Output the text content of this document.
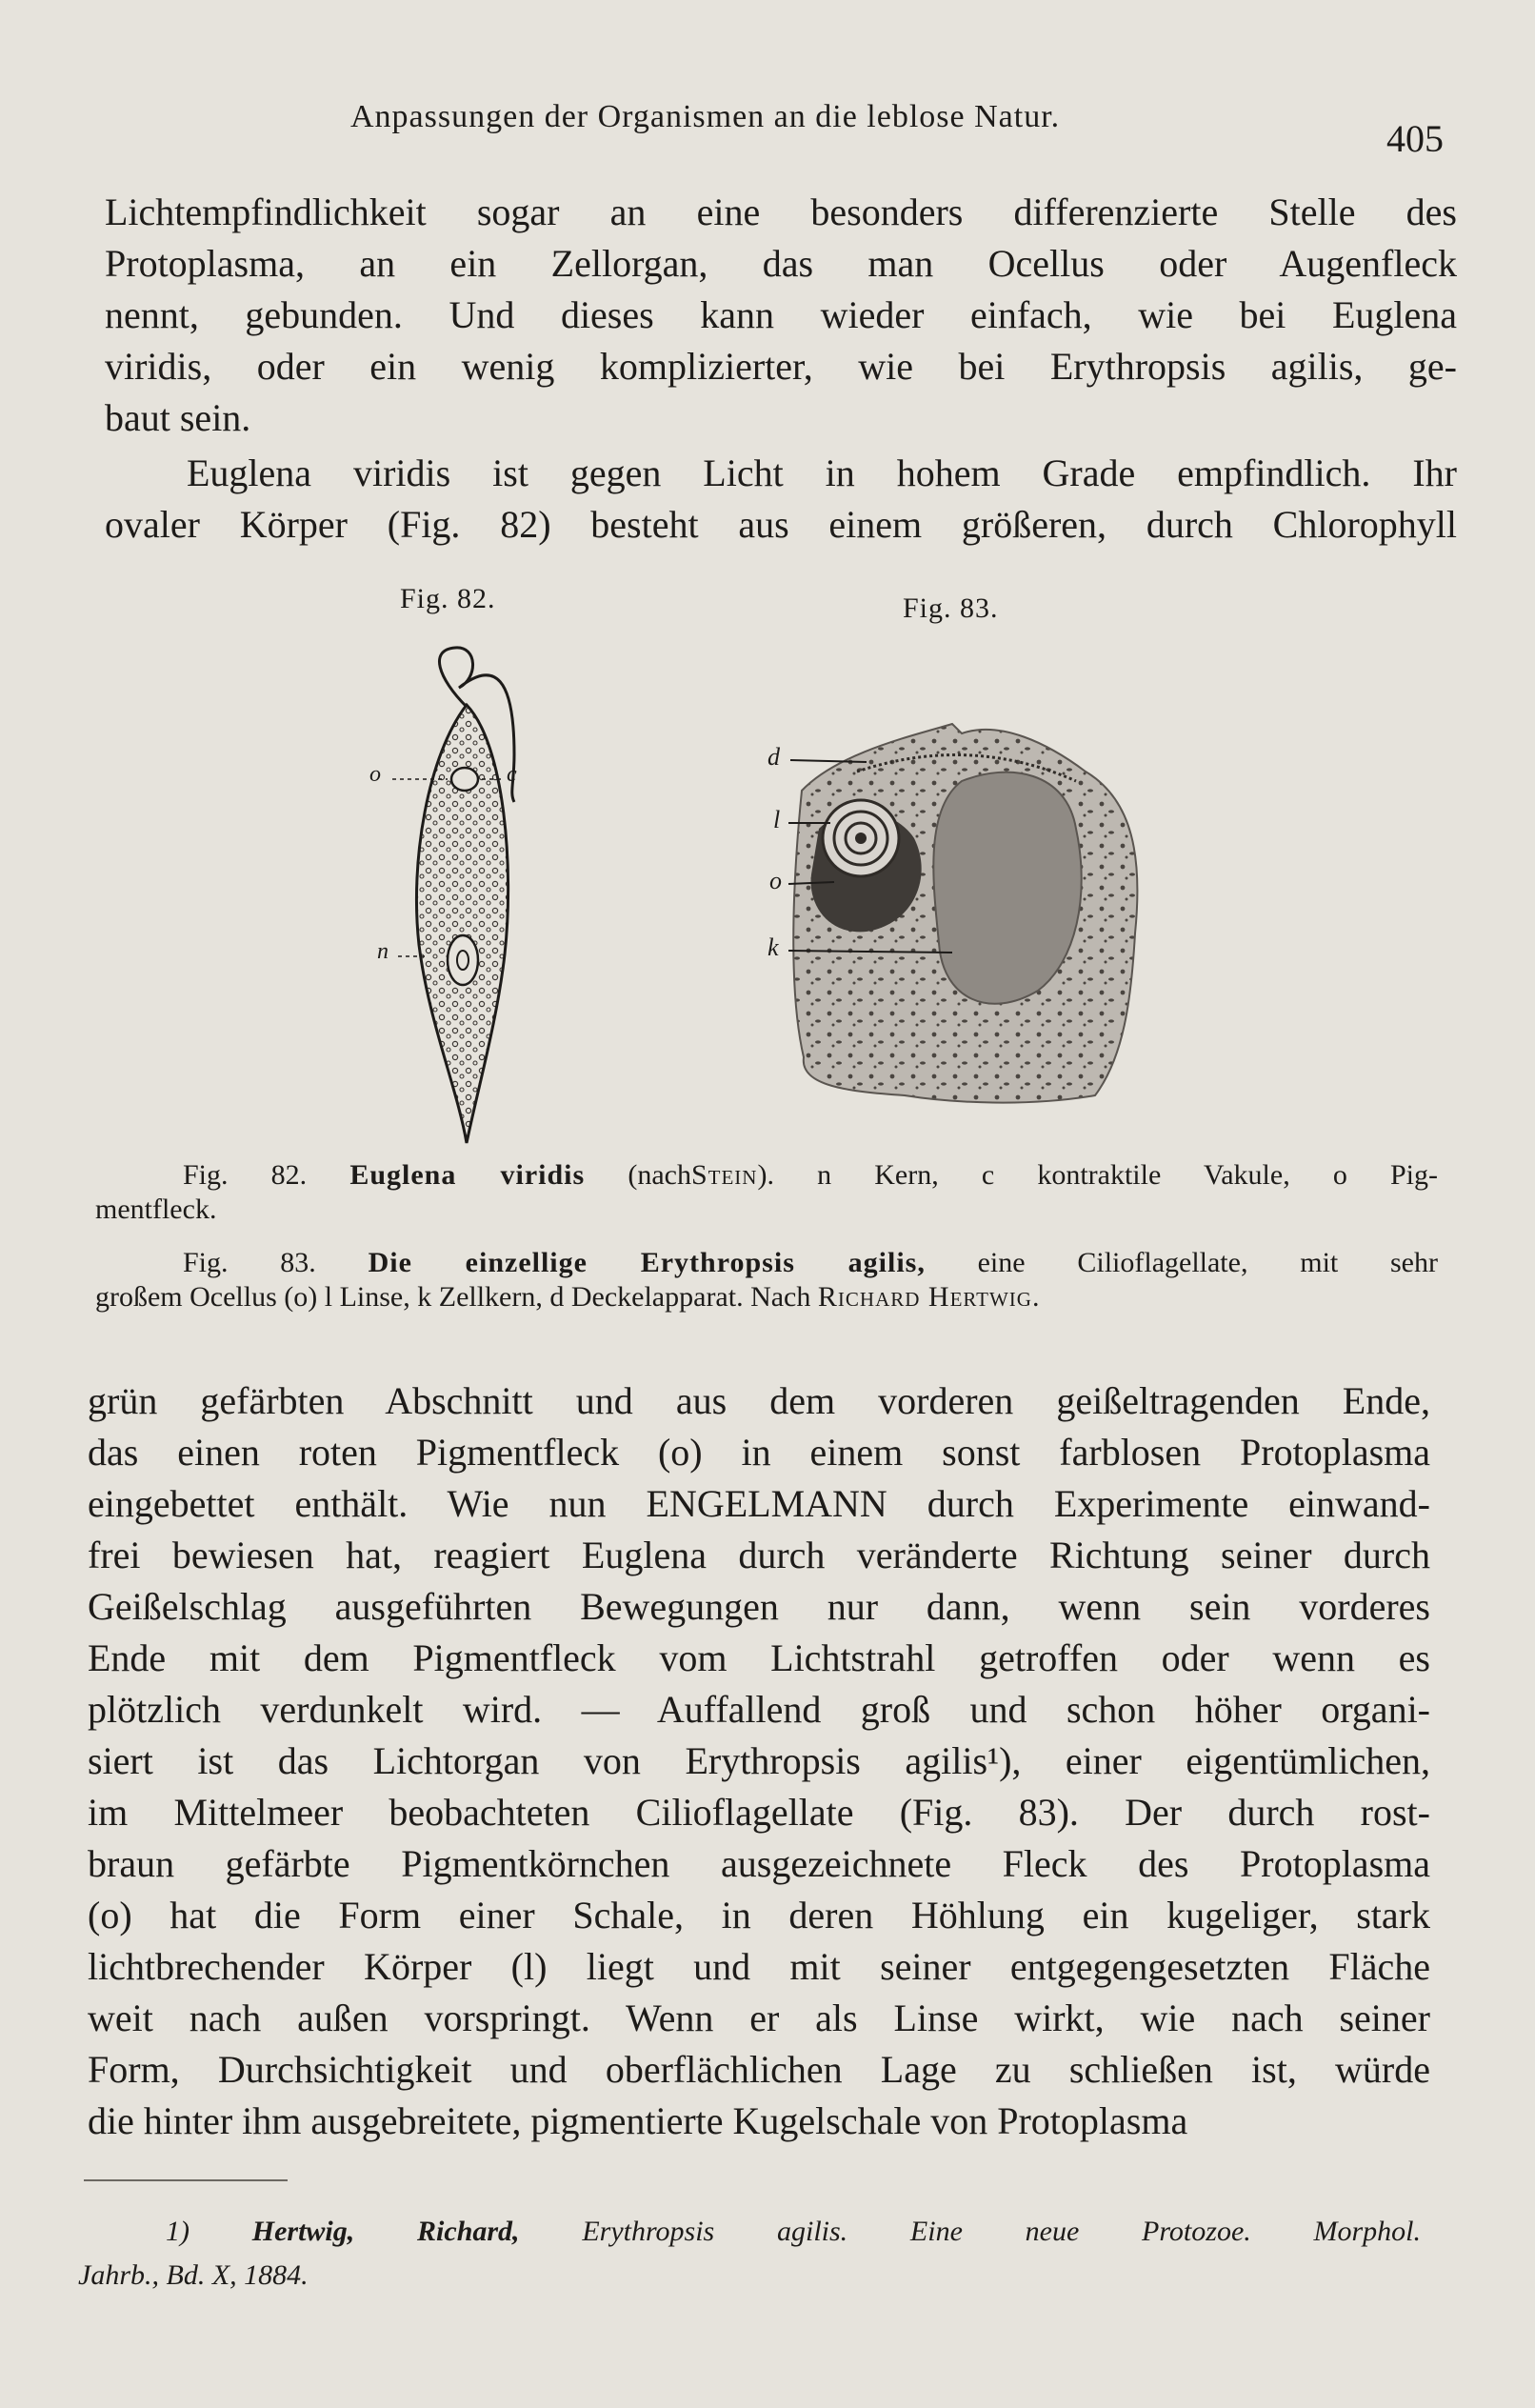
Anpassungen der Organismen an die leblose Natur.
405

Lichtempfindlichkeit sogar an eine besonders differenzierte Stelle des
Protoplasma, an ein Zellorgan, das man Ocellus oder Augenfleck
nennt, gebunden. Und dieses kann wieder einfach, wie bei Euglena
viridis, oder ein wenig komplizierter, wie bei Erythropsis agilis, ge-
baut sein.

Euglena viridis ist gegen Licht in hohem Grade empfindlich. Ihr
ovaler Körper (Fig. 82) besteht aus einem größeren, durch Chlorophyll

Fig. 82.	Fig. 83.
o	c
n
d
l
o
k

Fig. 82. Euglena viridis (nachStein). n Kern, c kontraktile Vakule, o Pig-
mentfleck.

Fig. 83. Die einzellige Erythropsis agilis, eine Cilioflagellate, mit sehr
großem Ocellus (o) l Linse, k Zellkern, d Deckelapparat. Nach Richard Hertwig.

grün gefärbten Abschnitt und aus dem vorderen geißeltragenden Ende,
das einen roten Pigmentfleck (o) in einem sonst farblosen Protoplasma
eingebettet enthält. Wie nun ENGELMANN durch Experimente einwand-
frei bewiesen hat, reagiert Euglena durch veränderte Richtung seiner durch
Geißelschlag ausgeführten Bewegungen nur dann, wenn sein vorderes
Ende mit dem Pigmentfleck vom Lichtstrahl getroffen oder wenn es
plötzlich verdunkelt wird. — Auffallend groß und schon höher organi-
siert ist das Lichtorgan von Erythropsis agilis¹), einer eigentümlichen,
im Mittelmeer beobachteten Cilioflagellate (Fig. 83). Der durch rost-
braun gefärbte Pigmentkörnchen ausgezeichnete Fleck des Protoplasma
(o) hat die Form einer Schale, in deren Höhlung ein kugeliger, stark
lichtbrechender Körper (l) liegt und mit seiner entgegengesetzten Fläche
weit nach außen vorspringt. Wenn er als Linse wirkt, wie nach seiner
Form, Durchsichtigkeit und oberflächlichen Lage zu schließen ist, würde
die hinter ihm ausgebreitete, pigmentierte Kugelschale von Protoplasma

1) Hertwig, Richard, Erythropsis agilis. Eine neue Protozoe. Morphol.
Jahrb., Bd. X, 1884.
